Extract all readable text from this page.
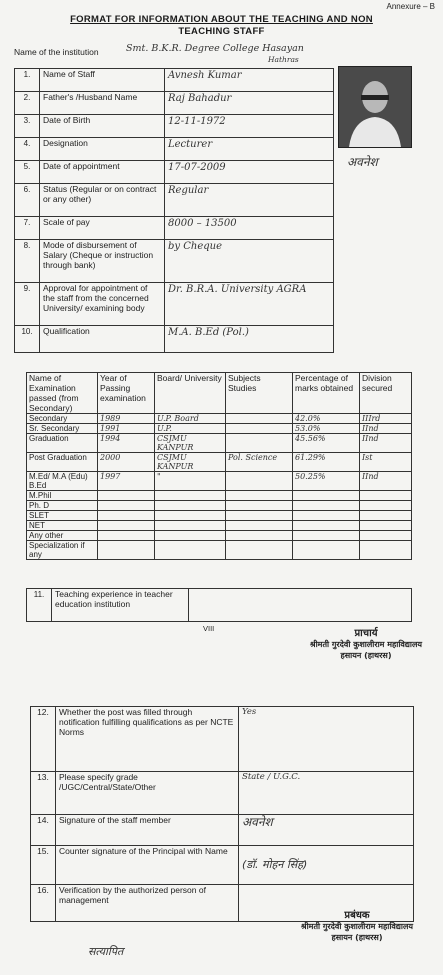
Annexure – B
FORMAT FOR INFORMATION ABOUT THE TEACHING AND NON
TEACHING STAFF
Name of the institution	Smt. B.K.R. Degree College Hasayan
Hathras
1.	Name of Staff	Avnesh Kumar
2.	Father's /Husband Name	Raj Bahadur
3.	Date of Birth	12-11-1972
4.	Designation	Lecturer
5.	Date of appointment	17-07-2009
6.	Status (Regular or on contract or any other)	Regular
7.	Scale of pay	8000 – 13500
8.	Mode of disbursement of Salary (Cheque or instruction through bank)	by Cheque
9.	Approval for appointment of the staff from the concerned University/ examining body	Dr. B.R.A. University AGRA
10.	Qualification	M.A. B.Ed (Pol.)
अवनेश
Name of Examination passed (from Secondary)	Year of Passing examination	Board/ University	Subjects Studies	Percentage of marks obtained	Division secured
Secondary	1989	U.P. Board		42.0%	IIIrd
Sr. Secondary	1991	U.P.		53.0%	IInd
Graduation	1994	CSJMU KANPUR		45.56%	IInd
Post Graduation	2000	CSJMU KANPUR	Pol. Science	61.29%	Ist
M.Ed/ M.A (Edu) B.Ed	1997	"		50.25%	IInd
M.Phil					
Ph. D					
SLET					
NET					
Any other					
Specialization if any					
11.	Teaching experience in teacher education institution	
VIII	प्राचार्य
श्रीमती गुरदेवी कुशालीराम महाविद्यालय
हसायन (हाथरस)
12.	Whether the post was filled through notification fulfilling qualifications as per NCTE Norms	Yes
13.	Please specify grade /UGC/Central/State/Other	State / U.G.C.
14.	Signature of the staff member	अवनेश
15.	Counter signature of the Principal with Name	(डॉ. मोहन सिंह)
16.	Verification by the authorized person of management	
प्रबंधक
श्रीमती गुरदेवी कुशालीराम महाविद्यालय
हसायन (हाथरस)
सत्यापित
